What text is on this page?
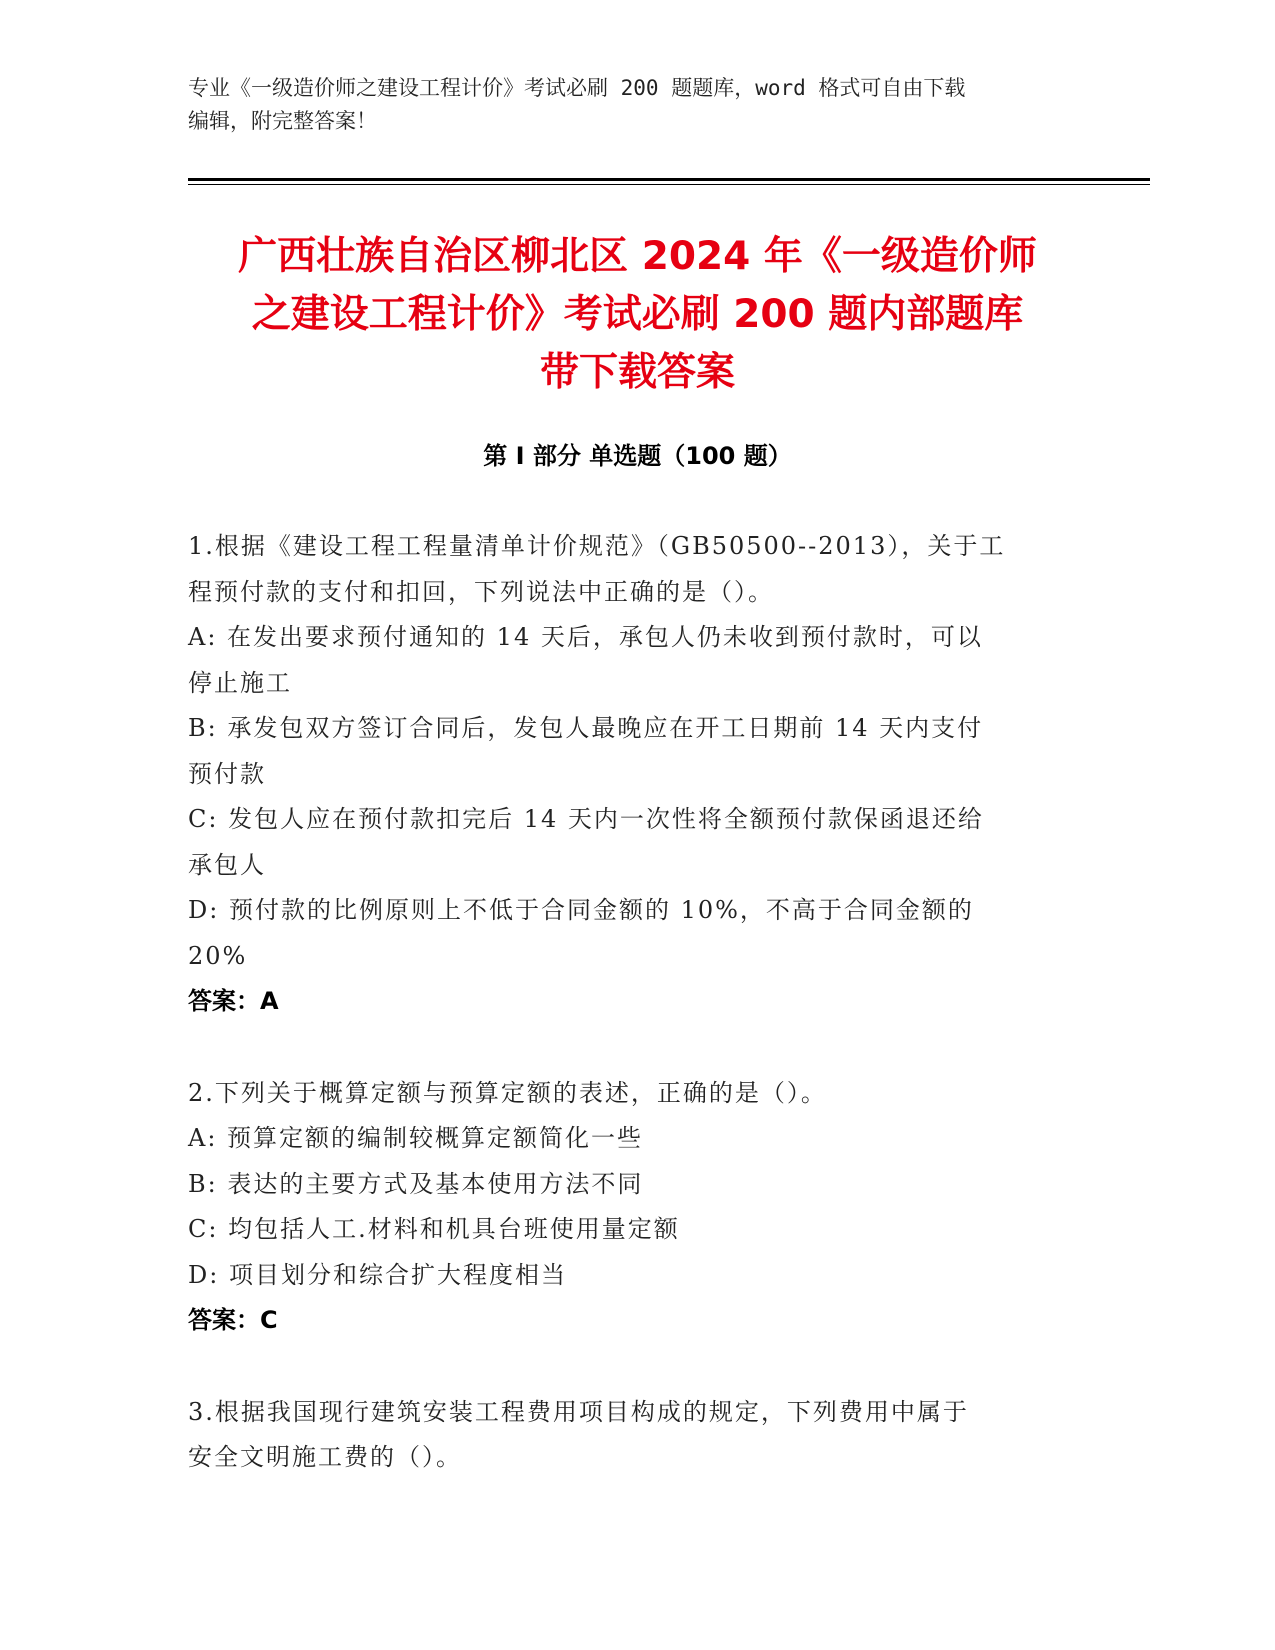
专业《一级造价师之建设工程计价》考试必刷 200 题题库，word 格式可自由下载
编辑，附完整答案！
广西壮族自治区柳北区 2024 年《一级造价师
之建设工程计价》考试必刷 200 题内部题库
带下载答案
第 I 部分 单选题（100 题）
1.根据《建设工程工程量清单计价规范》（GB50500--2013），关于工
程预付款的支付和扣回，下列说法中正确的是（）。
A: 在发出要求预付通知的 14 天后，承包人仍未收到预付款时，可以
停止施工
B: 承发包双方签订合同后，发包人最晚应在开工日期前 14 天内支付
预付款
C: 发包人应在预付款扣完后 14 天内一次性将全额预付款保函退还给
承包人
D: 预付款的比例原则上不低于合同金额的 10%，不高于合同金额的
20%
答案：A
2.下列关于概算定额与预算定额的表述，正确的是（）。
A: 预算定额的编制较概算定额简化一些
B: 表达的主要方式及基本使用方法不同
C: 均包括人工.材料和机具台班使用量定额
D: 项目划分和综合扩大程度相当
答案：C
3.根据我国现行建筑安装工程费用项目构成的规定，下列费用中属于
安全文明施工费的（）。
